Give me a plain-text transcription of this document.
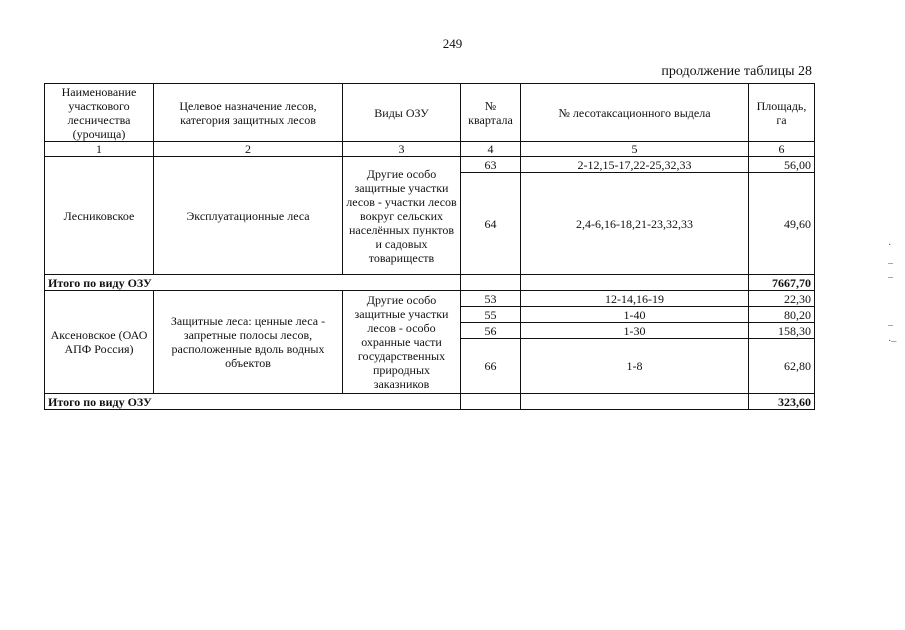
249
продолжение таблицы 28
Наименование участкового лесничества (урочища)	Целевое назначение лесов, категория защитных лесов	Виды ОЗУ	№ квартала	№ лесотаксационного выдела	Площадь, га
1	2	3	4	5	6
Лесниковское	Эксплуатационные леса	Другие особо защитные участки лесов - участки лесов вокруг сельских населённых пунктов и садовых товариществ	63	2-12,15-17,22-25,32,33	56,00
			64	2,4-6,16-18,21-23,32,33	49,60
Итого по виду ОЗУ					7667,70
Аксеновское (ОАО АПФ Россия)	Защитные леса: ценные леса - запретные полосы лесов, расположенные вдоль водных объектов	Другие особо защитные участки лесов - особо охранные части государственных природных заказников	53	12-14,16-19	22,30
			55	1-40	80,20
			56	1-30	158,30
			66	1-8	62,80
Итого по виду ОЗУ					323,60
·
–
–
–
·–
